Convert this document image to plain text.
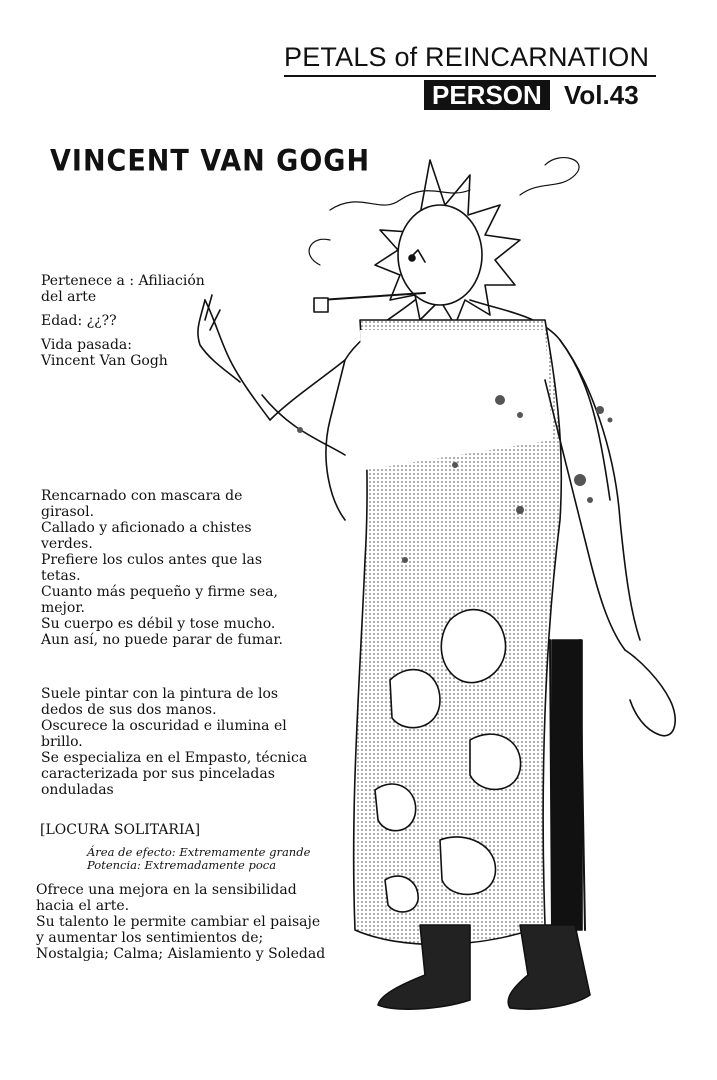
PETALS of REINCARNATION
PERSON Vol.43
VINCENT VAN GOGH
Pertenece a : Afiliación
del arte
Edad: ¿¿??
Vida pasada:
Vincent Van Gogh
Rencarnado con mascara de
girasol.
Callado y aficionado a chistes
verdes.
Prefiere los culos antes que las
tetas.
Cuanto más pequeño y firme sea,
mejor.
Su cuerpo es débil y tose mucho.
Aun así, no puede parar de fumar.
Suele pintar con la pintura de los
dedos de sus dos manos.
Oscurece la oscuridad e ilumina el
brillo.
Se especializa en el Empasto, técnica
caracterizada por sus pinceladas
onduladas
[LOCURA SOLITARIA]
Área de efecto: Extremamente grande
Potencia: Extremadamente poca
Ofrece una mejora en la sensibilidad
hacia el arte.
Su talento le permite cambiar el paisaje
y aumentar los sentimientos de;
Nostalgia; Calma; Aislamiento y Soledad
